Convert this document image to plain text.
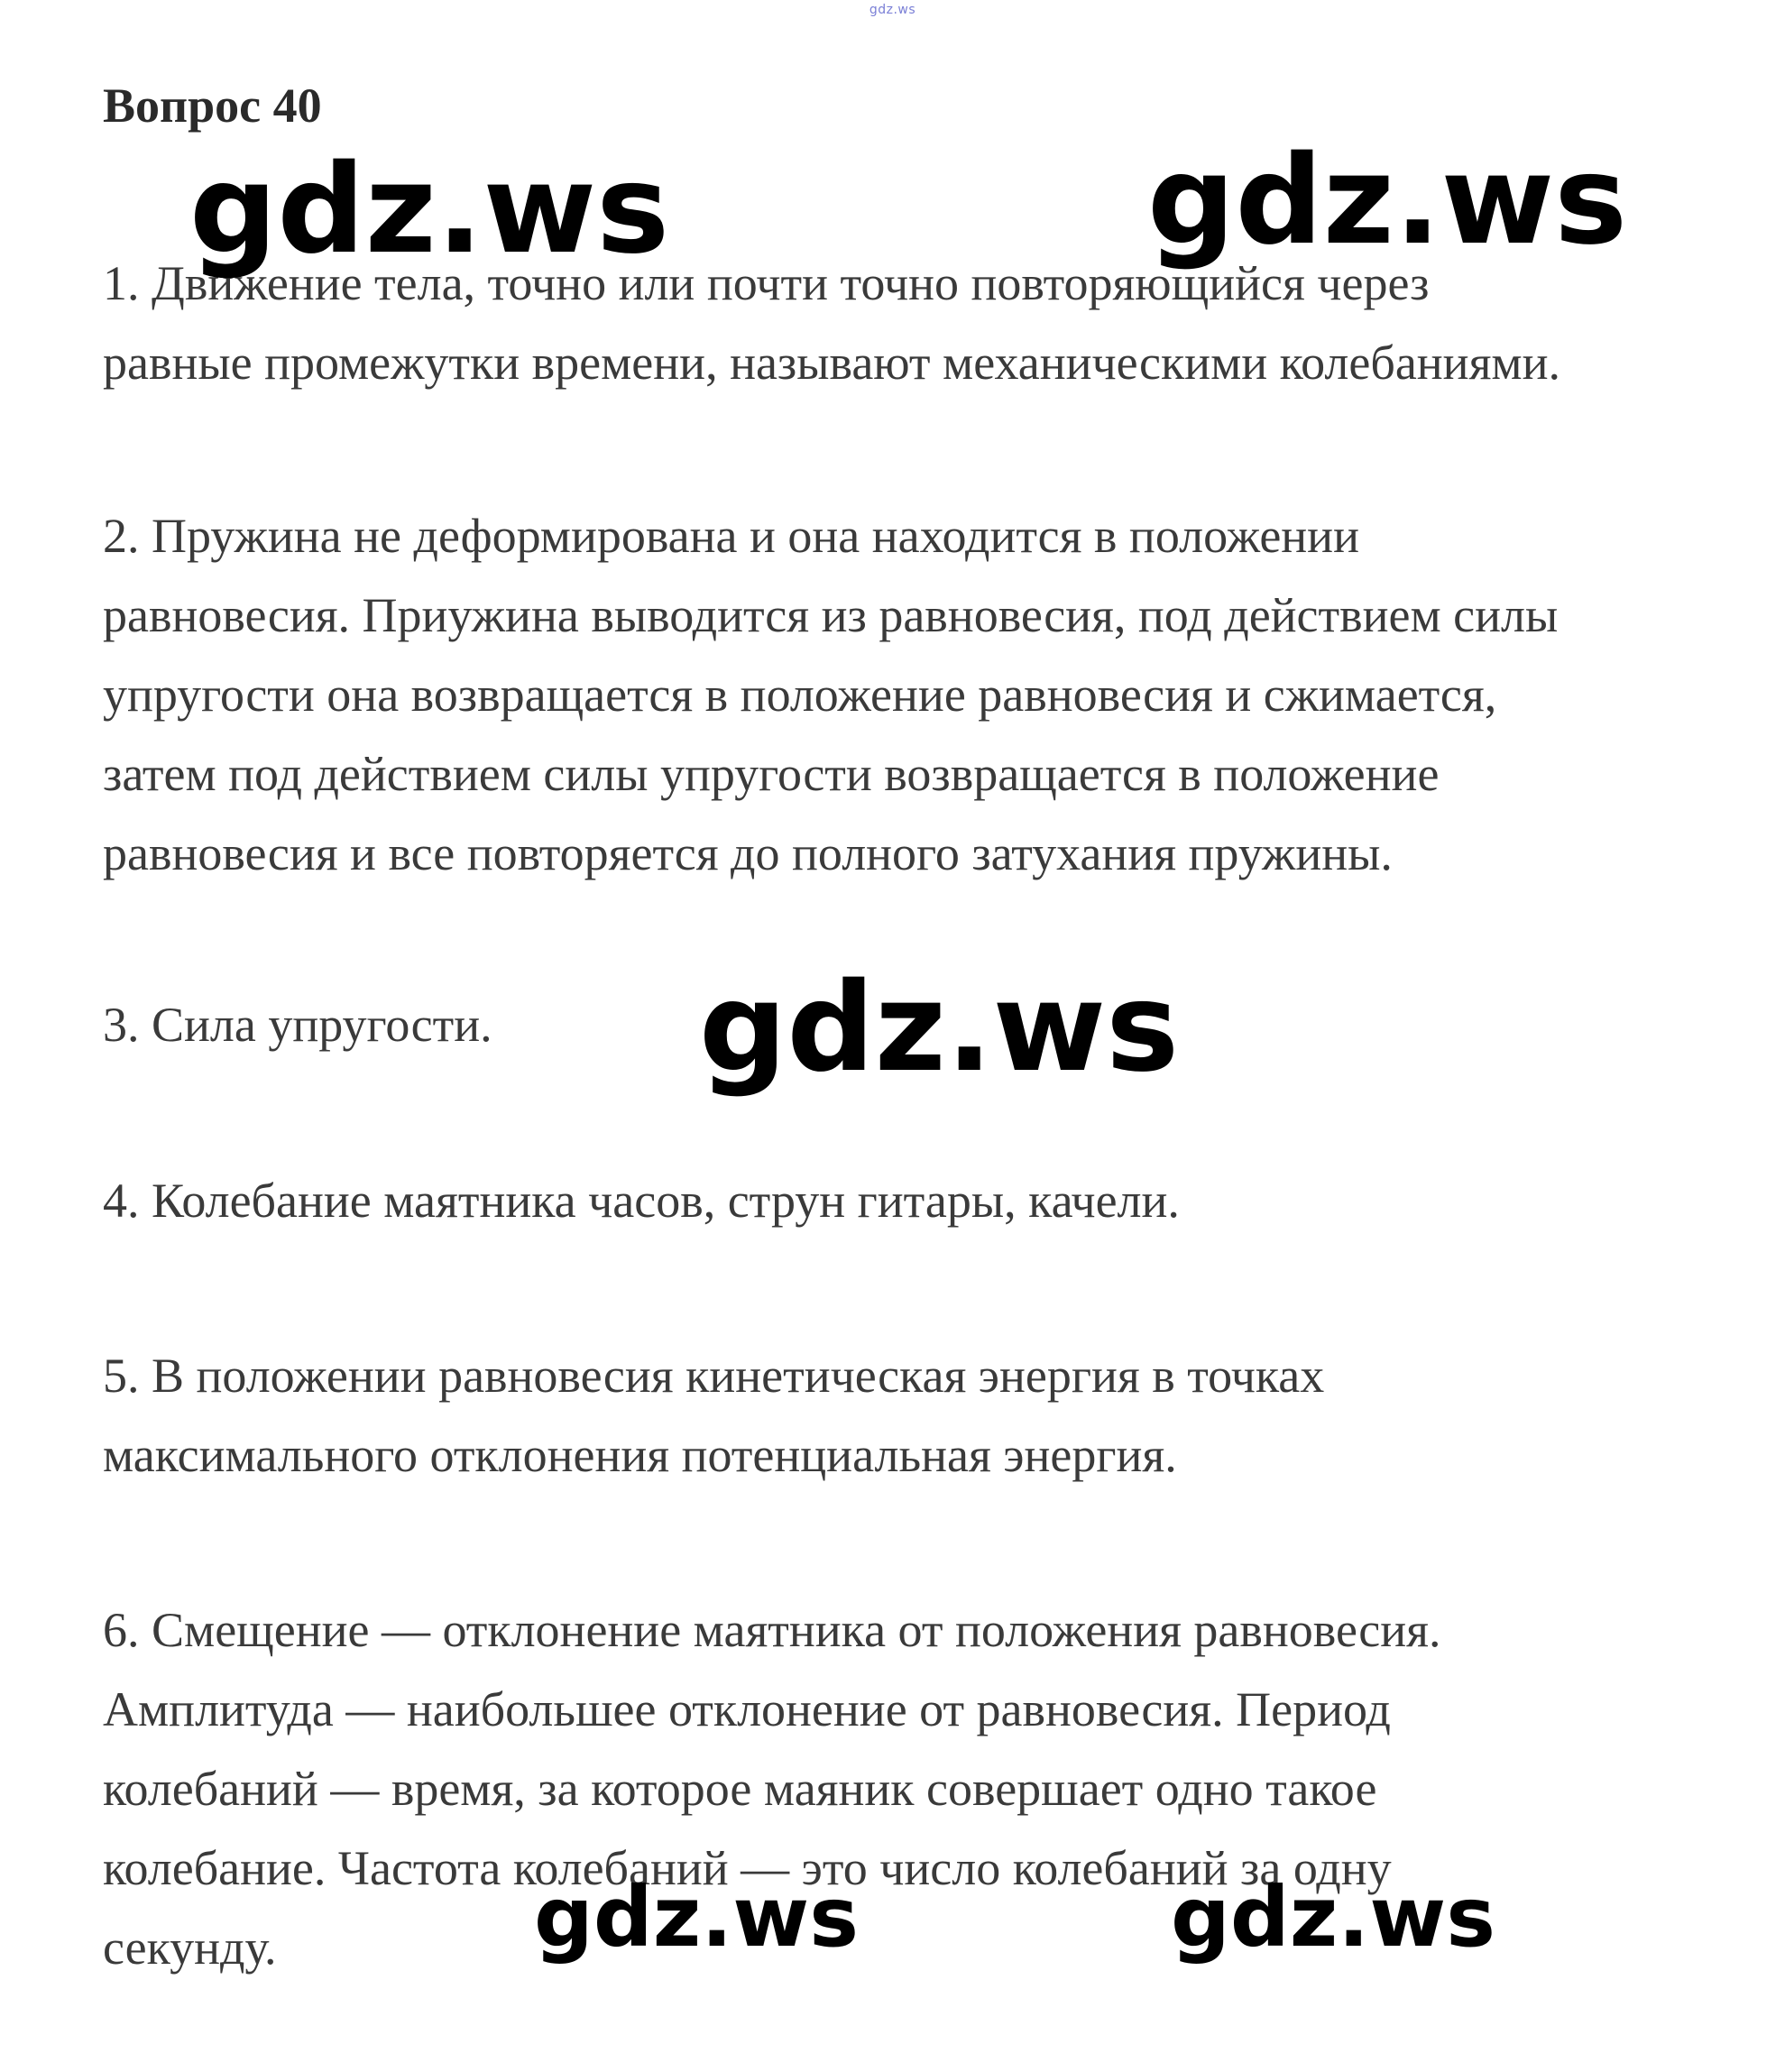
gdz.ws
Вопрос 40
1. Движение тела, точно или почти точно повторяющийся через
равные промежутки времени, называют механическими колебаниями.
2. Пружина не деформирована и она находится в положении
равновесия. Приужина выводится из равновесия, под действием силы
упругости она возвращается в положение равновесия и сжимается,
затем под действием силы упругости возвращается в положение
равновесия и все повторяется до полного затухания пружины.
3. Сила упругости.
4. Колебание маятника часов, струн гитары, качели.
5. В положении равновесия кинетическая энергия в точках
максимального отклонения потенциальная энергия.
6. Смещение — отклонение маятника от положения равновесия.
Амплитуда — наибольшее отклонение от равновесия. Период
колебаний — время, за которое маяник совершает одно такое
колебание. Частота колебаний — это число колебаний за одну
секунду.
gdz.ws	gdz.ws
gdz.ws
gdz.ws	gdz.ws
